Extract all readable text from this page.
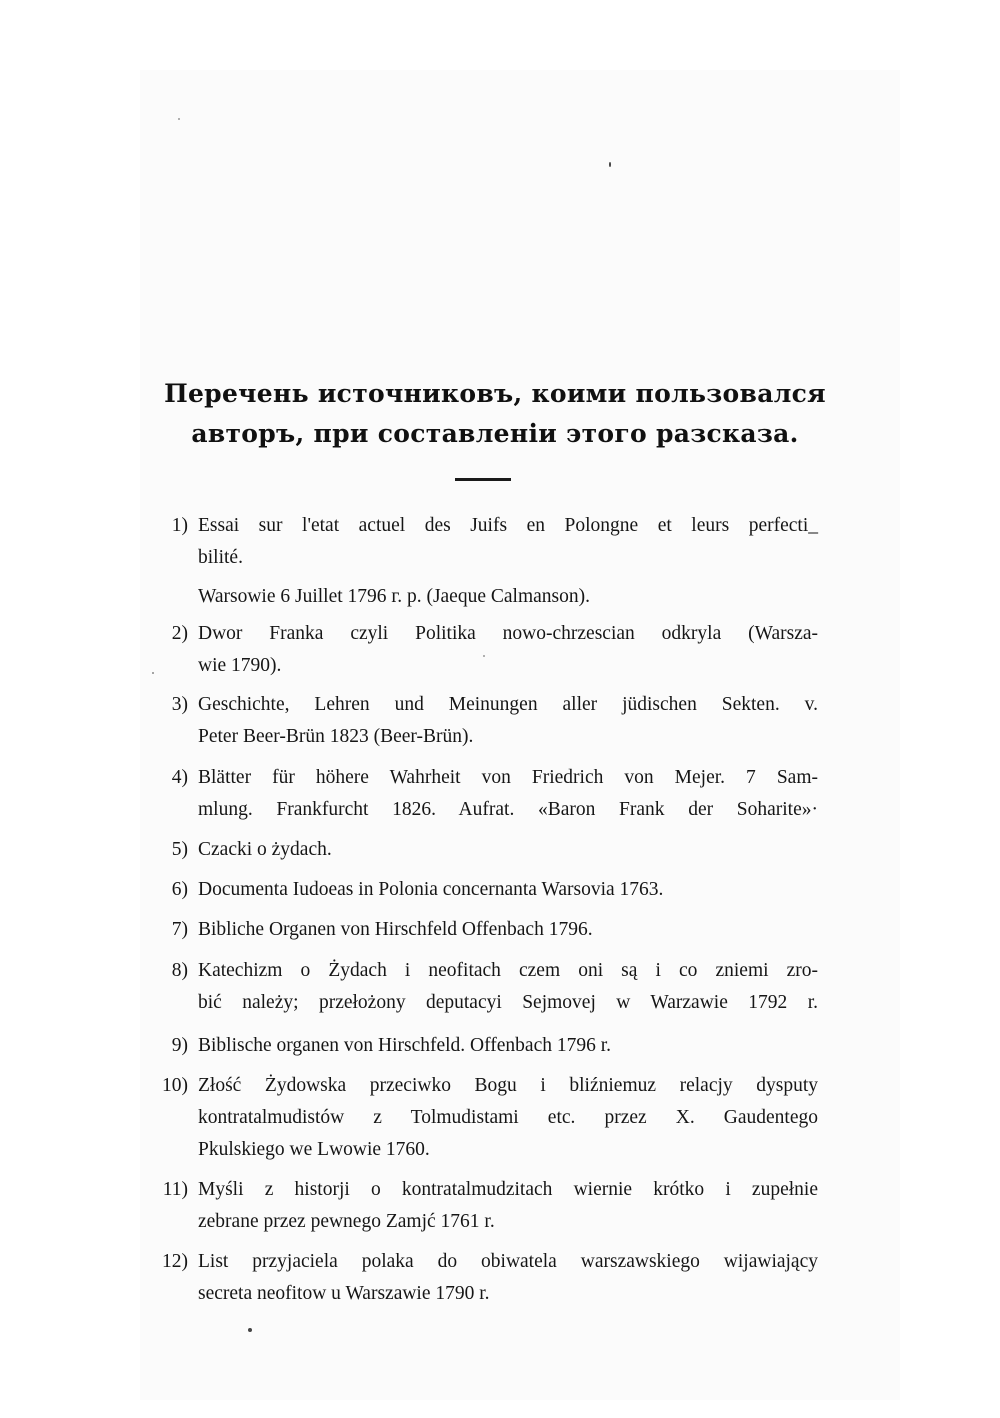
Перечень источниковъ, коими пользовался
авторъ, при составленіи этого разсказа.
1) Essai sur l'etat actuel des Juifs en Polongne et leurs perfecti_
bilité.
Warsowie 6 Juillet 1796 г. p. (Jaeque Calmanson).
2) Dwor Franka czyli Politika nowo-chrzescian odkryla (Warsza-
wie 1790).
3) Geschichte, Lehren und Meinungen aller jüdischen Sekten. v.
Peter Beer-Brün 1823 (Beer-Brün).
4) Blätter für höhere Wahrheit von Friedrich von Mejer. 7 Sam-
mlung. Frankfurcht 1826. Aufrat. «Baron Frank der Soharite»·
5) Czacki o żydach.
6) Documenta Iudoeas in Polonia concernanta Warsovia 1763.
7) Bibliche Organen von Hirschfeld Offenbach 1796.
8) Katechizm o Żydach i neofitach czem oni są i co zniemi zro-
bić należy; przełożony deputacyi Sejmovej w Warzawie 1792 r.
9) Biblische organen von Hirschfeld. Offenbach 1796 r.
10) Złość Żydowska przeciwko Bogu i bliźniemuz relacjy dysputy
kontratalmudistów z Tolmudistami etc. przez X. Gaudentego
Pkulskiego we Lwowie 1760.
11) Myśli z historji o kontratalmudzitach wiernie krótko i zupełnie
zebrane przez pewnego Zamjć 1761 r.
12) List przyjaciela polaka do obiwatela warszawskiego wijawiający
secreta neofitow u Warszawie 1790 r.
